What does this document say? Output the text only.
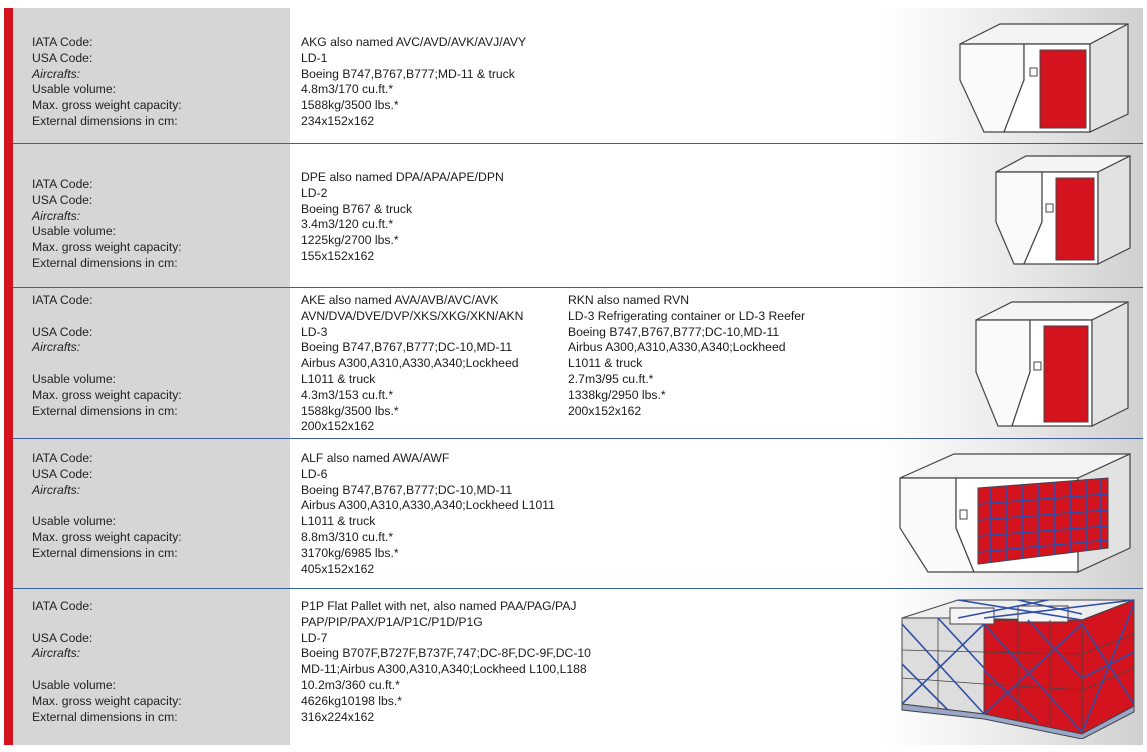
IATA Code:
USA Code:
Aircrafts:
Usable volume:
Max. gross weight capacity:
External dimensions in cm:
AKG also named AVC/AVD/AVK/AVJ/AVY
LD-1
Boeing B747,B767,B777;MD-11 & truck
4.8m3/170 cu.ft.*
1588kg/3500 lbs.*
234x152x162
IATA Code:
USA Code:
Aircrafts:
Usable volume:
Max. gross weight capacity:
External dimensions in cm:
DPE also named DPA/APA/APE/DPN
LD-2
Boeing B767 & truck
3.4m3/120 cu.ft.*
1225kg/2700 lbs.*
155x152x162
IATA Code:
USA Code:
Aircrafts:
Usable volume:
Max. gross weight capacity:
External dimensions in cm:
AKE also named AVA/AVB/AVC/AVK
AVN/DVA/DVE/DVP/XKS/XKG/XKN/AKN
LD-3
Boeing B747,B767,B777;DC-10,MD-11
Airbus A300,A310,A330,A340;Lockheed
L1011 & truck
4.3m3/153 cu.ft.*
1588kg/3500 lbs.*
200x152x162
RKN also named RVN
LD-3 Refrigerating container or LD-3 Reefer
Boeing B747,B767,B777;DC-10,MD-11
Airbus A300,A310,A330,A340;Lockheed
L1011 & truck
2.7m3/95 cu.ft.*
1338kg/2950 lbs.*
200x152x162
IATA Code:
USA Code:
Aircrafts:
Usable volume:
Max. gross weight capacity:
External dimensions in cm:
ALF also named AWA/AWF
LD-6
Boeing B747,B767,B777;DC-10,MD-11
Airbus A300,A310,A330,A340;Lockheed L1011
L1011 & truck
8.8m3/310 cu.ft.*
3170kg/6985 lbs.*
405x152x162
IATA Code:
USA Code:
Aircrafts:
Usable volume:
Max. gross weight capacity:
External dimensions in cm:
P1P Flat Pallet with net, also named PAA/PAG/PAJ
PAP/PIP/PAX/P1A/P1C/P1D/P1G
LD-7
Boeing B707F,B727F,B737F,747;DC-8F,DC-9F,DC-10
MD-11;Airbus A300,A310,A340;Lockheed L100,L188
10.2m3/360 cu.ft.*
4626kg10198 lbs.*
316x224x162
